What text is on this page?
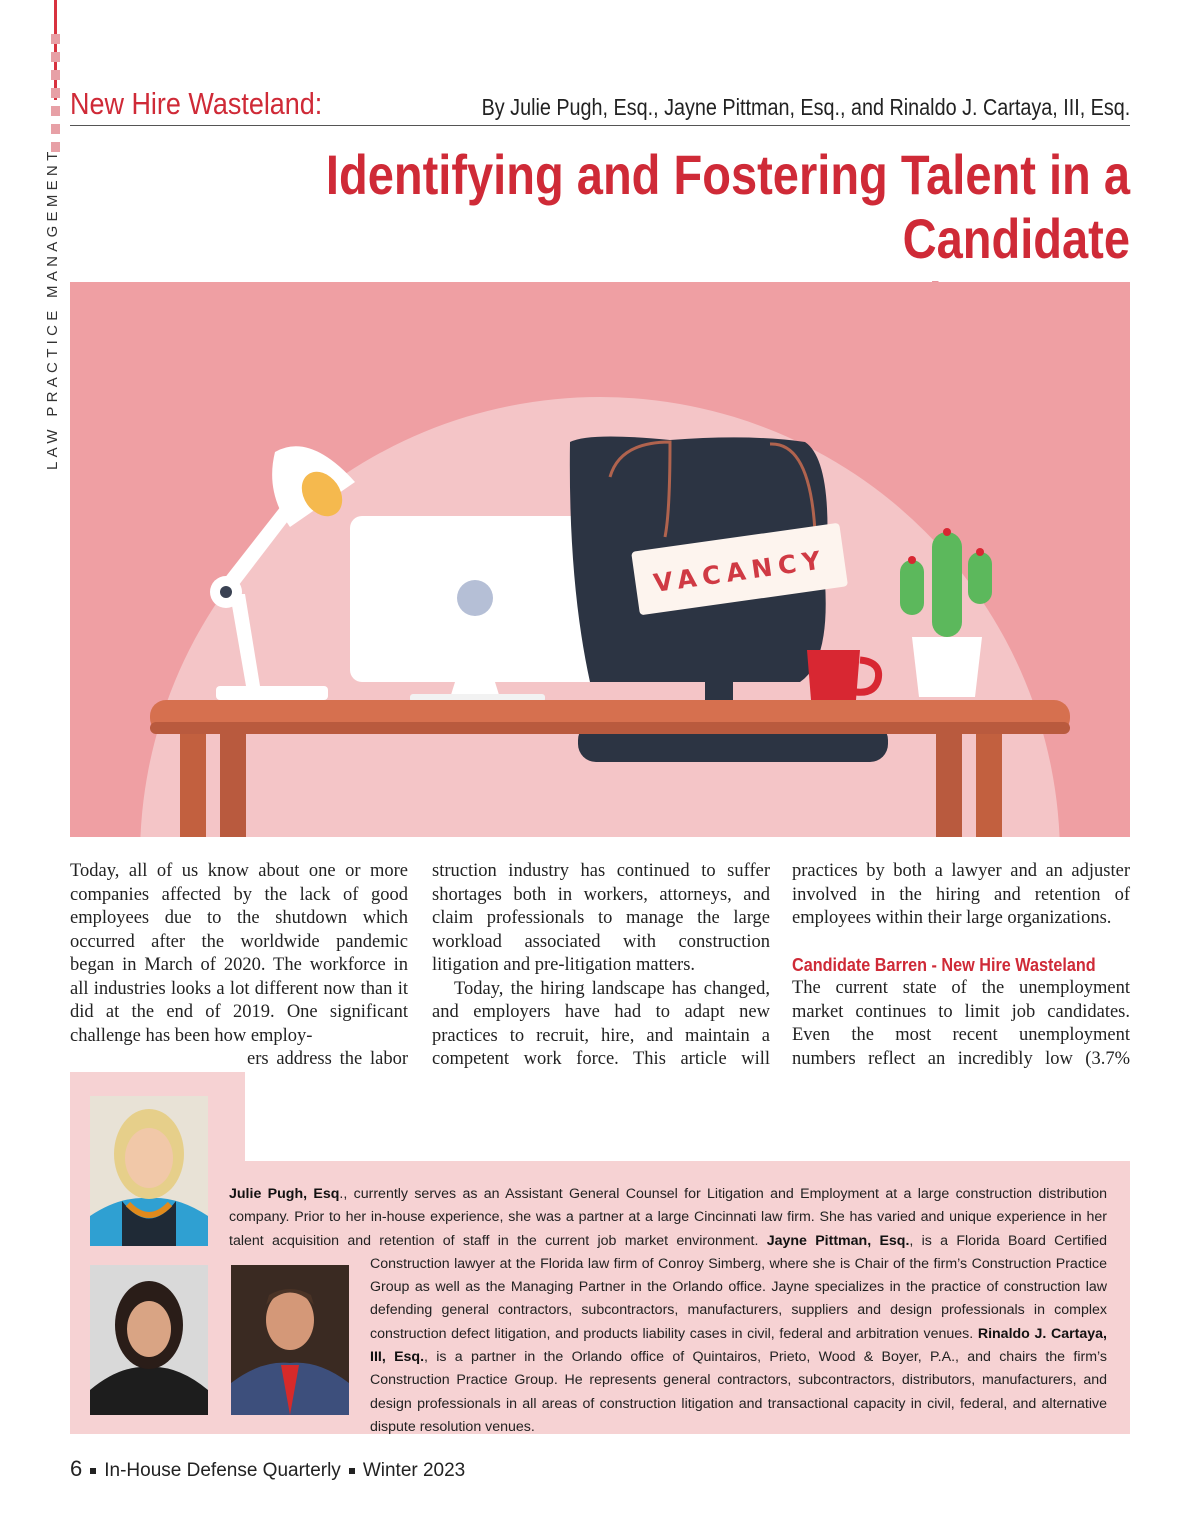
LAW PRACTICE MANAGEMENT
New Hire Wasteland:	By Julie Pugh, Esq., Jayne Pittman, Esq., and Rinaldo J. Cartaya, III, Esq.
Identifying and Fostering Talent in a Candidate
VACANCY

Today, all of us know about one or more companies affected by the lack of good employees due to the shutdown which occurred after the worldwide pandemic began in March of 2020. The workforce in all industries looks a lot different now than it did at the end of 2019. One significant challenge has been how employ-

ers address the labor

struction industry has continued to suffer shortages both in workers, attorneys, and claim professionals to manage the large workload associated with construction litigation and pre-litigation matters.

Today, the hiring landscape has changed, and employers have had to adapt new practices to recruit, hire, and maintain a competent work force. This article will

practices by both a lawyer and an adjuster involved in the hiring and retention of employees within their large organizations.

Candidate Barren - New Hire Wasteland

The current state of the unemployment market continues to limit job candidates. Even the most recent unemployment numbers reflect an incredibly low (3.7%

Julie Pugh, Esq., currently serves as an Assistant General Counsel for Litigation and Employment at a large construction distribution company. Prior to her in-house experience, she was a partner at a large Cincinnati law firm. She has varied and unique experience in her talent acquisition and retention of staff in the current job market environment. Jayne Pittman, Esq., is a Florida Board Certified Construction lawyer at the Florida law firm of Conroy Simberg, where she is Chair of the firm’s Construction Practice Group as well as the Managing Partner in the Orlando office. Jayne specializes in the practice of construction law defending general contractors, subcontractors, manufacturers, suppliers and design professionals in complex construction defect litigation, and products liability cases in civil, federal and arbitration venues. Rinaldo J. Cartaya, III, Esq., is a partner in the Orlando office of Quintairos, Prieto, Wood & Boyer, P.A., and chairs the firm’s Construction Practice Group. He represents general contractors, subcontractors, distributors, manufacturers, and design professionals in all areas of construction litigation and transactional capacity in civil, federal, and alternative dispute resolution venues.
6 In-House Defense Quarterly Winter 2023
